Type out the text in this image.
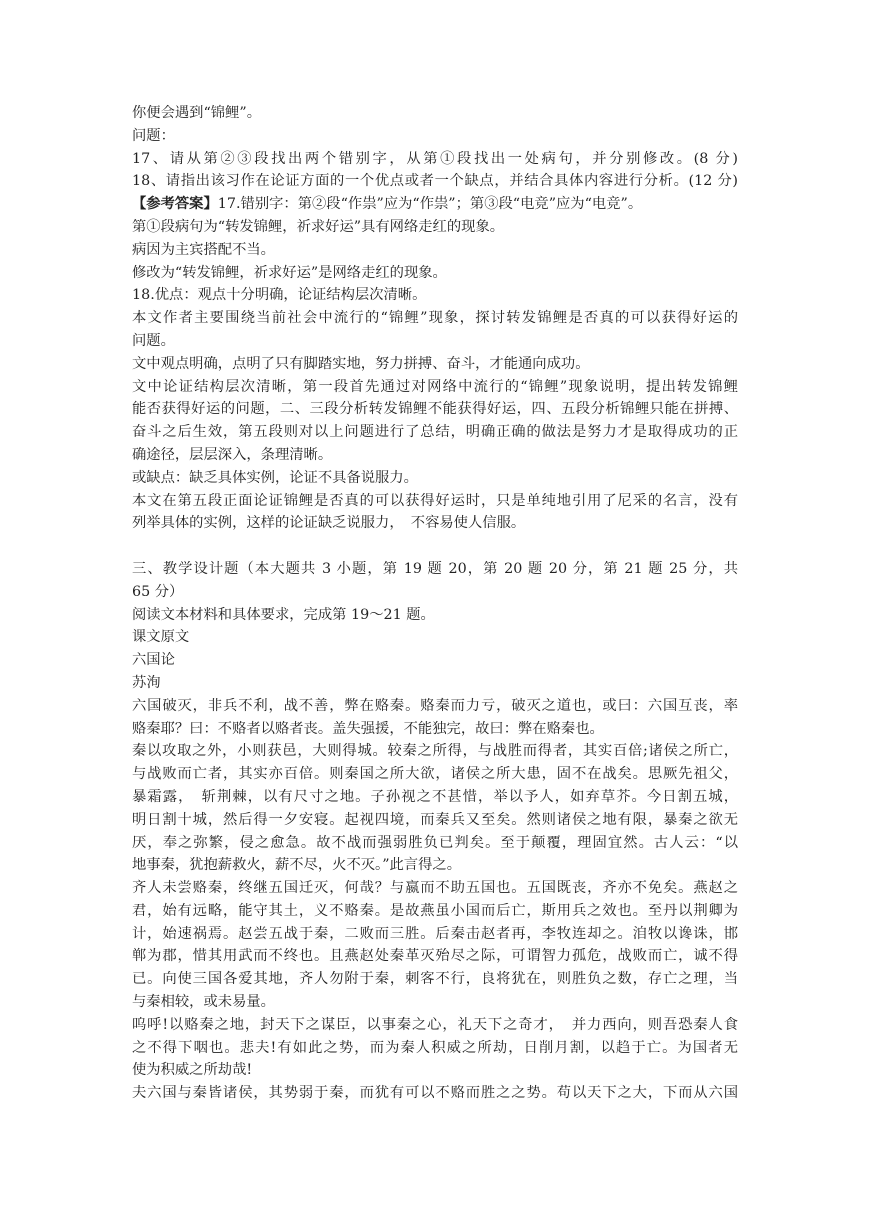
你便会遇到“锦鲤”。
问题：
17、请从第②③段找出两个错别字，从第①段找出一处病句，并分别修改。(8 分)
18、请指出该习作在论证方面的一个优点或者一个缺点，并结合具体内容进行分析。(12 分)
【参考答案】17.错别字：第②段“作祟”应为“作祟”；第③段“电竞”应为“电竞”。
第①段病句为“转发锦鲤，祈求好运”具有网络走红的现象。
病因为主宾搭配不当。
修改为“转发锦鲤，祈求好运”是网络走红的现象。
18.优点：观点十分明确，论证结构层次清晰。
本文作者主要围绕当前社会中流行的“锦鲤”现象，探讨转发锦鲤是否真的可以获得好运的
问题。
文中观点明确，点明了只有脚踏实地，努力拼搏、奋斗，才能通向成功。
文中论证结构层次清晰，第一段首先通过对网络中流行的“锦鲤”现象说明，提出转发锦鲤
能否获得好运的问题，二、三段分析转发锦鲤不能获得好运，四、五段分析锦鲤只能在拼搏、
奋斗之后生效，第五段则对以上问题进行了总结，明确正确的做法是努力才是取得成功的正
确途径，层层深入，条理清晰。
或缺点：缺乏具体实例，论证不具备说服力。
本文在第五段正面论证锦鲤是否真的可以获得好运时，只是单纯地引用了尼采的名言，没有
列举具体的实例，这样的论证缺乏说服力，　不容易使人信服。
三、教学设计题（本大题共 3 小题，第 19 题 20，第 20 题 20 分，第 21 题 25 分，共
65 分）
阅读文本材料和具体要求，完成第 19～21 题。
课文原文
六国论
苏洵
六国破灭，非兵不利，战不善，弊在赂秦。赂秦而力亏，破灭之道也，或曰：六国互丧，率
赂秦耶？曰：不赂者以赂者丧。盖失强援，不能独完，故曰：弊在赂秦也。
秦以攻取之外，小则获邑，大则得城。较秦之所得，与战胜而得者，其实百倍;诸侯之所亡，
与战败而亡者，其实亦百倍。则秦国之所大欲，诸侯之所大患，固不在战矣。思厥先祖父，
暴霜露，　斩荆棘，以有尺寸之地。子孙视之不甚惜，举以予人，如弃草芥。今日割五城，
明日割十城，然后得一夕安寝。起视四境，而秦兵又至矣。然则诸侯之地有限，暴秦之欲无
厌，奉之弥繁，侵之愈急。故不战而强弱胜负已判矣。至于颠覆，理固宜然。古人云：“以
地事秦，犹抱薪救火，薪不尽，火不灭。”此言得之。
齐人未尝赂秦，终继五国迁灭，何哉？与嬴而不助五国也。五国既丧，齐亦不免矣。燕赵之
君，始有远略，能守其土，义不赂秦。是故燕虽小国而后亡，斯用兵之效也。至丹以荆卿为
计，始速祸焉。赵尝五战于秦，二败而三胜。后秦击赵者再，李牧连却之。洎牧以谗诛，邯
郸为郡，惜其用武而不终也。且燕赵处秦革灭殆尽之际，可谓智力孤危，战败而亡，诚不得
已。向使三国各爱其地，齐人勿附于秦，刺客不行，良将犹在，则胜负之数，存亡之理，当
与秦相较，或未易量。
呜呼!以赂秦之地，封天下之谋臣，以事秦之心，礼天下之奇才，　并力西向，则吾恐秦人食
之不得下咽也。悲夫!有如此之势，而为秦人积威之所劫，日削月割，以趋于亡。为国者无
使为积威之所劫哉!
夫六国与秦皆诸侯，其势弱于秦，而犹有可以不赂而胜之之势。苟以天下之大，下而从六国
